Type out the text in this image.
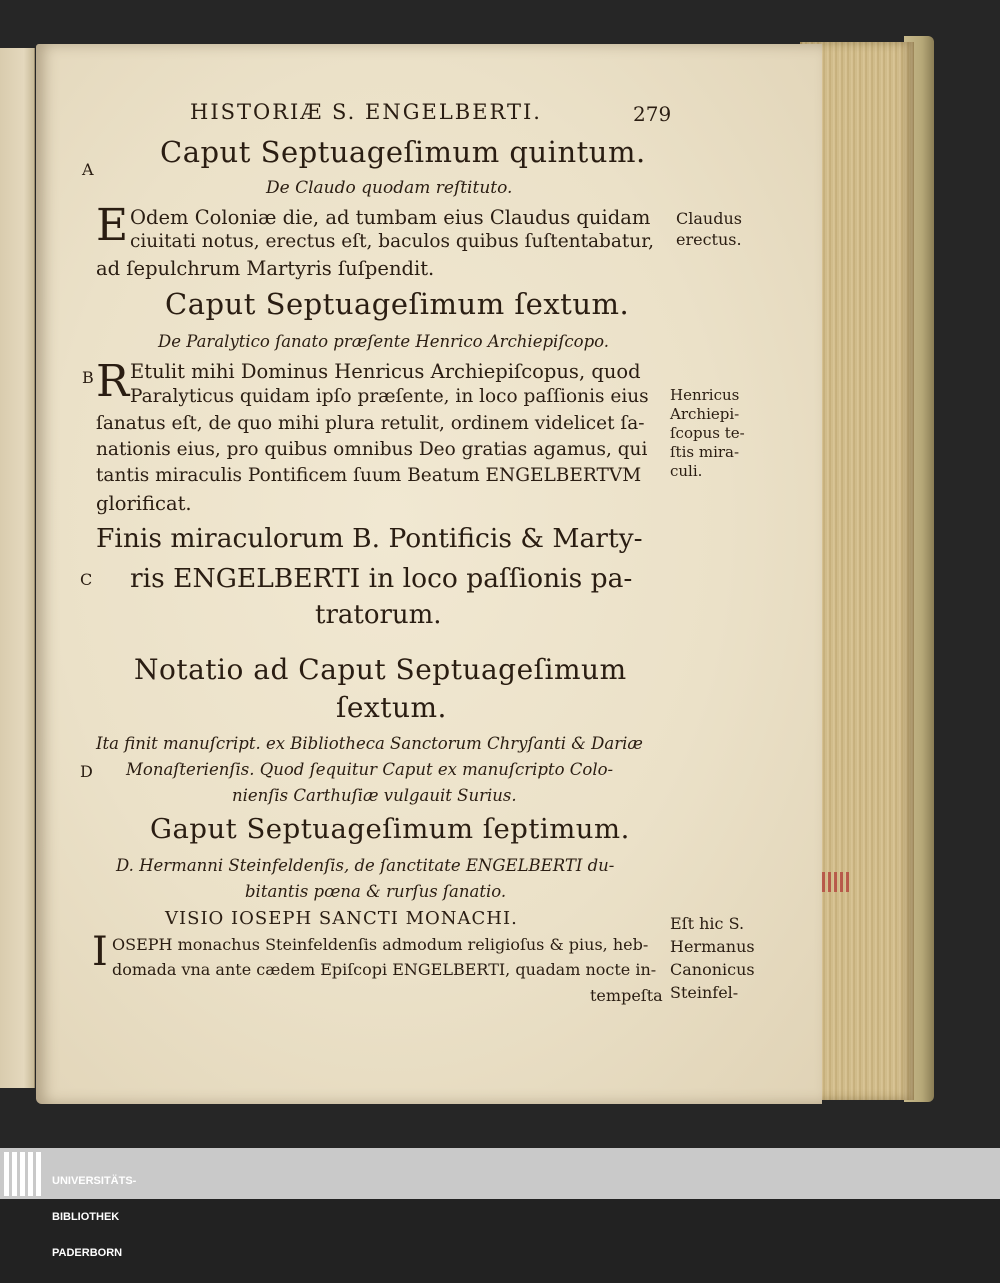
HISTORIÆ S. ENGELBERTI.	279
A
B
C
D
Caput Septuageſimum quintum.
De Claudo quodam reſtituto.
E Odem Coloniæ die, ad tumbam eius Claudus quidam
ciuitati notus, erectus eſt, baculos quibus ſuſtentabatur,
ad ſepulchrum Martyris ſuſpendit.
Claudus
erectus.
Caput Septuageſimum ſextum.
De Paralytico ſanato præſente Henrico Archiepiſcopo.
R Etulit mihi Dominus Henricus Archiepiſcopus, quod
Paralyticus quidam ipſo præſente, in loco paſſionis eius
ſanatus eſt, de quo mihi plura retulit, ordinem videlicet ſa-
nationis eius, pro quibus omnibus Deo gratias agamus, qui
tantis miraculis Pontificem ſuum Beatum ENGELBERTVM
glorificat.
Henricus
Archiepi-
ſcopus te-
ſtis mira-
culi.
Finis miraculorum B. Pontificis & Marty-
ris ENGELBERTI in loco paſſionis pa-
tratorum.
Notatio ad Caput Septuageſimum
ſextum.
Ita finit manuſcript. ex Bibliotheca Sanctorum Chryſanti & Dariæ
Monaſterienſis. Quod ſequitur Caput ex manuſcripto Colo-
nienſis Carthuſiæ vulgauit Surius.
Gaput Septuageſimum ſeptimum.
D. Hermanni Steinfeldenſis, de ſanctitate ENGELBERTI du-
bitantis pœna & rurſus ſanatio.
VISIO IOSEPH SANCTI MONACHI.
I OSEPH monachus Steinfeldenſis admodum religioſus & pius, heb-
domada vna ante cædem Epiſcopi ENGELBERTI, quadam nocte in-
tempeſta
Eſt hic S.
Hermanus
Canonicus
Steinfel-

UNIVERSITÄTS-

BIBLIOTHEK

PADERBORN
